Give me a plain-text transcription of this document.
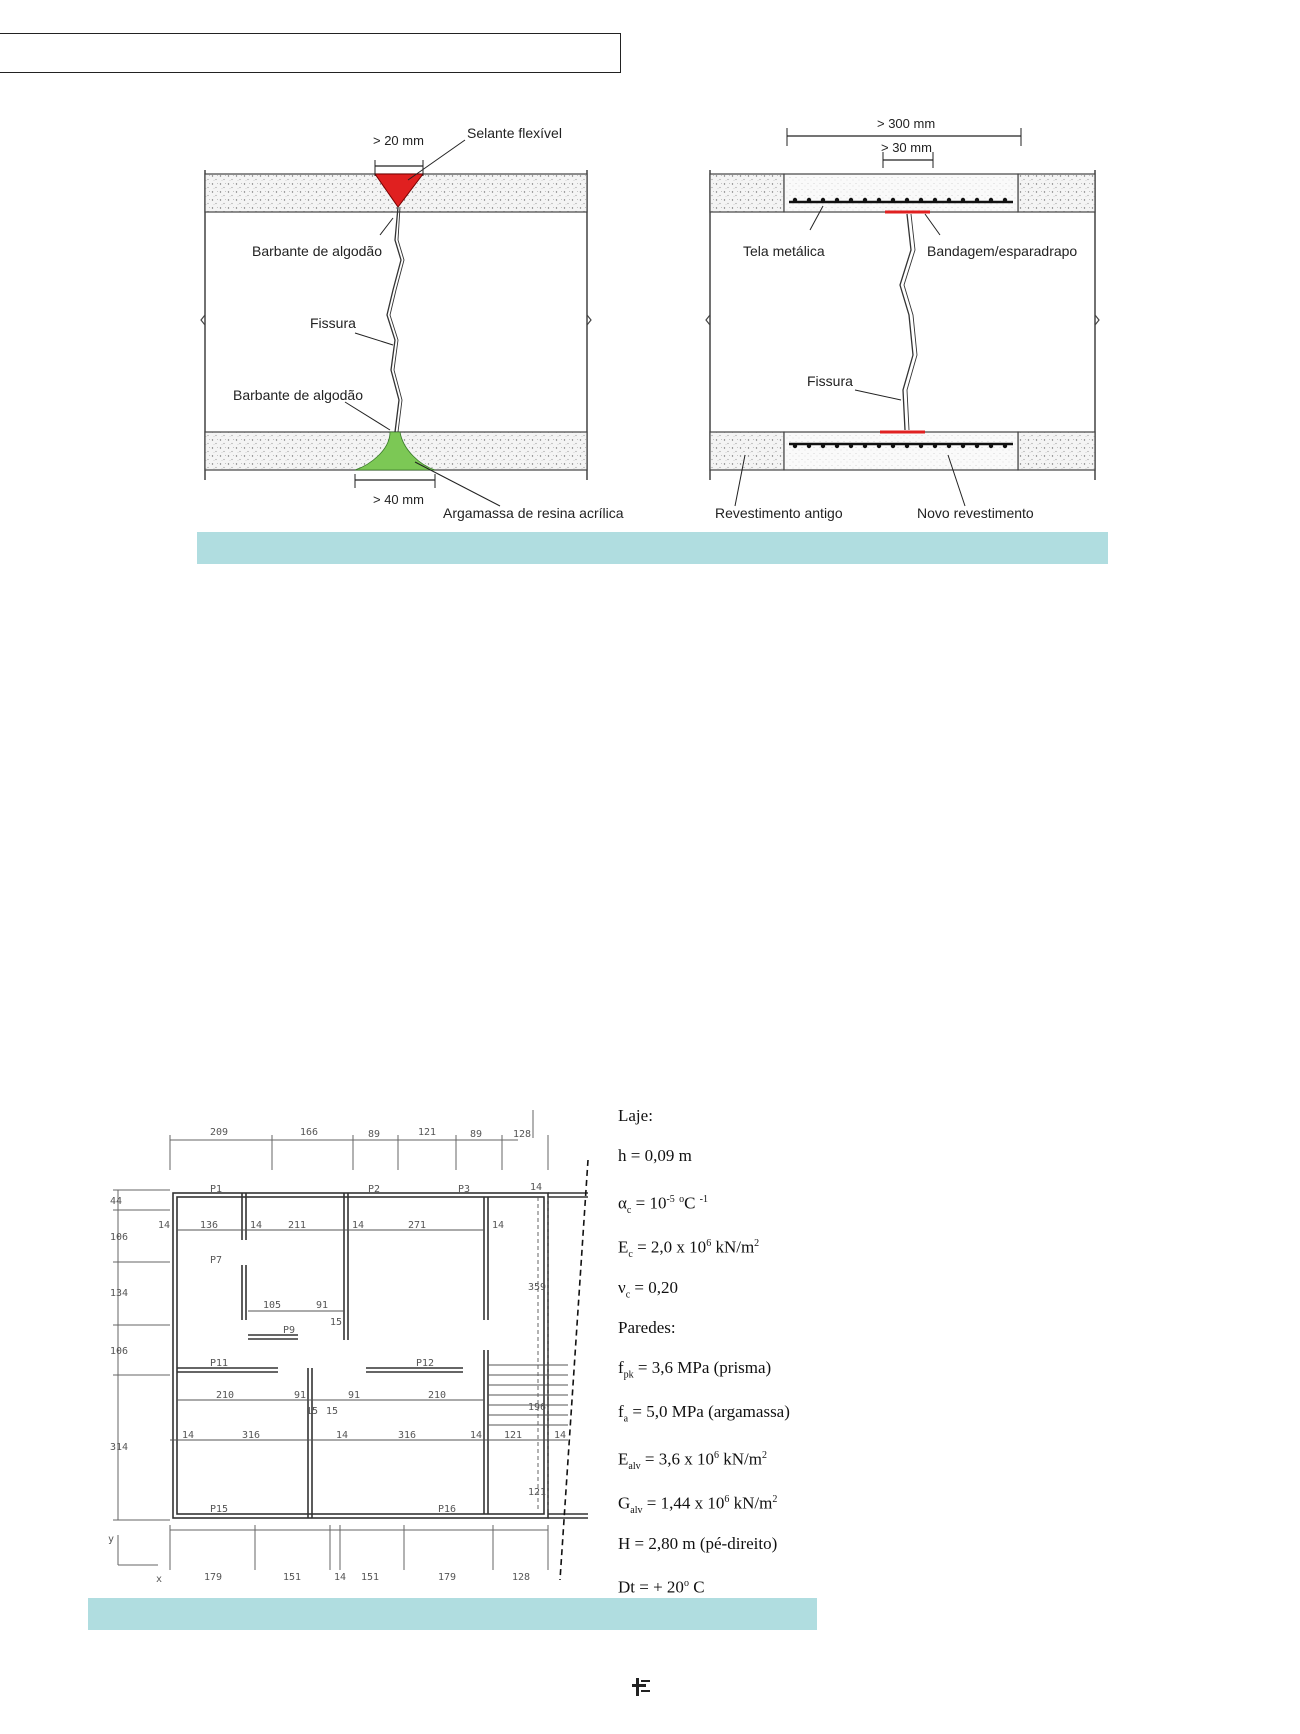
> 20 mm
> 40 mm
Selante flexível
Barbante de algodão
Fissura
Barbante de algodão
Argamassa de resina acrílica
> 300 mm
> 30 mm
Tela metálica	Bandagem/esparadrapo
Fissura
Revestimento antigo	Novo revestimento
209	166	89	121	89	128
179	151	14 151	179	128
44
106
134
106
314
P1	P2	P3
P7
P9
P11	P12
P15	P16
14	136	14	211	14	271	14
105	91
15
210	91	91	210
15 15
14	316	14	316	14 121	14
359
196
121
14
y
x
Laje:
h = 0,09 m
$\alpha_c = 10^{-5}$ $^o$C $^{-1}$
$E_c = 2,0$ x $10^6$ $kN/m^2$
$\nu_c = 0,20$
Paredes:
$f_{pk} = 3,6$ MPa (prisma)
$f_a = 5,0$ MPa (argamassa)
$E_{alv} = 3,6$ x $10^6$ $kN/m^2$
$G_{alv} = 1,44$ x $10^6$ $kN/m^2$
H = 2,80 m (pé-direito)
Dt = + $20^o$ C
